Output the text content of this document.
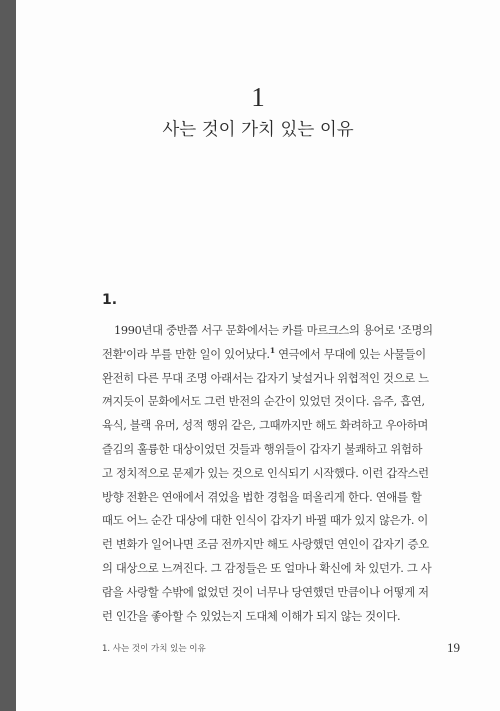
1
사는 것이 가치 있는 이유
1.
1990년대 중반쯤 서구 문화에서는 카를 마르크스의 용어로 '조명의
전환'이라 부를 만한 일이 있어났다.$^1$ 연극에서 무대에 있는 사물들이
완전히 다른 무대 조명 아래서는 갑자기 낯설거나 위협적인 것으로 느
껴지듯이 문화에서도 그런 반전의 순간이 있었던 것이다. 음주, 흡연,
육식, 블랙 유머, 성적 행위 같은, 그때까지만 해도 화려하고 우아하며
즐김의 훌륭한 대상이었던 것들과 행위들이 갑자기 불쾌하고 위험하
고 정치적으로 문제가 있는 것으로 인식되기 시작했다. 이런 갑작스런
방향 전환은 연애에서 겪었을 법한 경험을 떠올리게 한다. 연애를 할
때도 어느 순간 대상에 대한 인식이 갑자기 바뀔 때가 있지 않은가. 이
런 변화가 일어나면 조금 전까지만 해도 사랑했던 연인이 갑자기 증오
의 대상으로 느껴진다. 그 감정들은 또 얼마나 확신에 차 있던가. 그 사
람을 사랑할 수밖에 없었던 것이 너무나 당연했던 만큼이나 어떻게 저
런 인간을 좋아할 수 있었는지 도대체 이해가 되지 않는 것이다.
1. 사는 것이 가치 있는 이유	19
